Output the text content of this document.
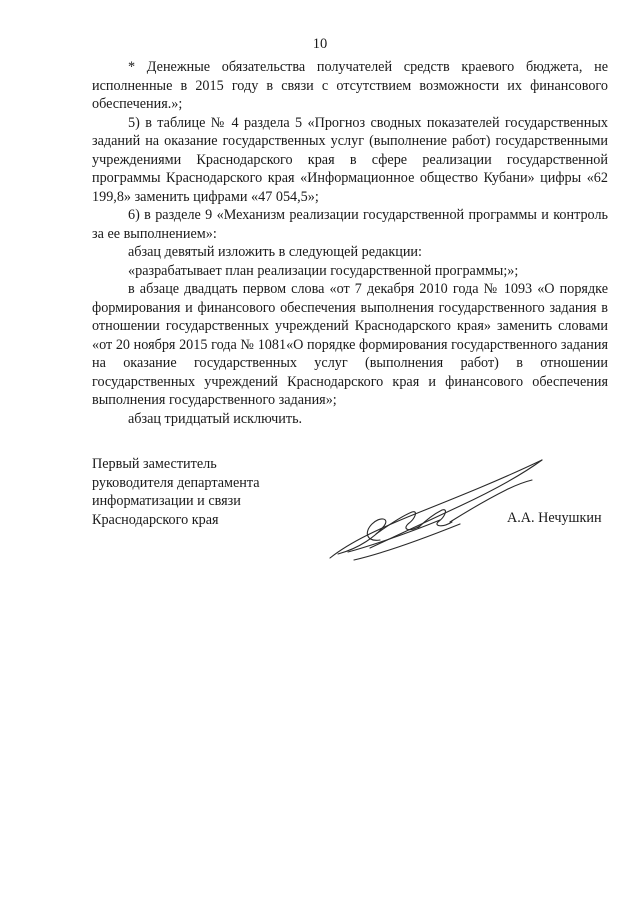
10

* Денежные обязательства получателей средств краевого бюджета, не исполненные в 2015 году в связи с отсутствием возможности их финансового обеспечения.»;

5) в таблице № 4 раздела 5 «Прогноз сводных показателей государственных заданий на оказание государственных услуг (выполнение работ) государственными учреждениями Краснодарского края в сфере реализации государственной программы Краснодарского края «Информационное общество Кубани» цифры «62 199,8» заменить цифрами «47 054,5»;

6) в разделе 9 «Механизм реализации государственной программы и контроль за ее выполнением»:

абзац девятый изложить в следующей редакции:

«разрабатывает план реализации государственной программы;»;

в абзаце двадцать первом слова «от 7 декабря 2010 года № 1093 «О порядке формирования и финансового обеспечения выполнения государственного задания в отношении государственных учреждений Краснодарского края» заменить словами «от 20 ноября 2015 года № 1081«О порядке формирования государственного задания на оказание государственных услуг (выполнения работ) в отношении государственных учреждений Краснодарского края и финансового обеспечения выполнения государственного задания»;

абзац тридцатый исключить.

Первый заместитель
руководителя департамента
информатизации и связи
Краснодарского края	А.А. Нечушкин
